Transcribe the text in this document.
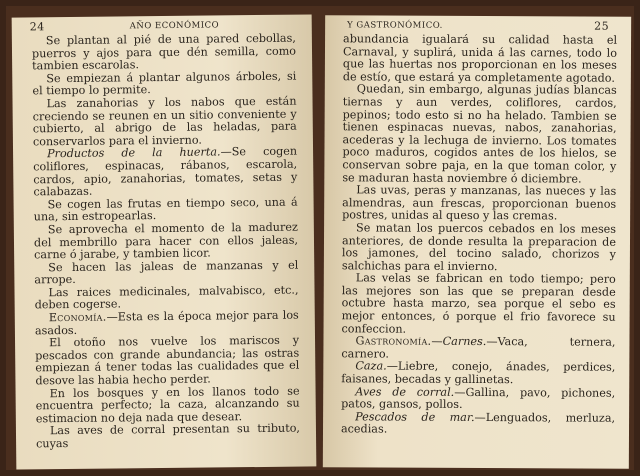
24	AÑO ECONÓMICO

Se plantan al pié de una pared cebollas, puerros y ajos para que dén semilla, como tambien escarolas.

Se empiezan á plantar algunos árboles, si el tiempo lo permite.

Las zanahorias y los nabos que están creciendo se reunen en un sitio conveniente y cubierto, al abrigo de las heladas, para conservarlos para el invierno.

Productos de la huerta.—Se cogen coliflores, espinacas, rábanos, escarola, cardos, apio, zanahorias, tomates, setas y calabazas.

Se cogen las frutas en tiempo seco, una á una, sin estropearlas.

Se aprovecha el momento de la madurez del membrillo para hacer con ellos jaleas, carne ó jarabe, y tambien licor.

Se hacen las jaleas de manzanas y el arrope.

Las raices medicinales, malvabisco, etc., deben cogerse.

Economía.—Esta es la época mejor para los asados.

El otoño nos vuelve los mariscos y pescados con grande abundancia; las ostras empiezan á tener todas las cualidades que el desove las habia hecho perder.

En los bosques y en los llanos todo se encuentra perfecto; la caza, alcanzando su estimacion no deja nada que desear.

Las aves de corral presentan su tributo, cuyas

Y GASTRONÓMICO.	25

abundancia igualará su calidad hasta el Carnaval, y suplirá, unida á las carnes, todo lo que las huertas nos proporcionan en los meses de estío, que estará ya completamente agotado.

Quedan, sin embargo, algunas judías blancas tiernas y aun verdes, coliflores, cardos, pepinos; todo esto si no ha helado. Tambien se tienen espinacas nuevas, nabos, zanahorias, acederas y la lechuga de invierno. Los tomates poco maduros, cogidos antes de los hielos, se conservan sobre paja, en la que toman color, y se maduran hasta noviembre ó diciembre.

Las uvas, peras y manzanas, las nueces y las almendras, aun frescas, proporcionan buenos postres, unidas al queso y las cremas.

Se matan los puercos cebados en los meses anteriores, de donde resulta la preparacion de los jamones, del tocino salado, chorizos y salchichas para el invierno.

Las velas se fabrican en todo tiempo; pero las mejores son las que se preparan desde octubre hasta marzo, sea porque el sebo es mejor entonces, ó porque el frio favorece su confeccion.

Gastronomía.—Carnes.—Vaca, ternera, carnero.

Caza.—Liebre, conejo, ánades, perdices, faisanes, becadas y gallinetas.

Aves de corral.—Gallina, pavo, pichones, patos, gansos, pollos.

Pescados de mar.—Lenguados, merluza, acedias.
